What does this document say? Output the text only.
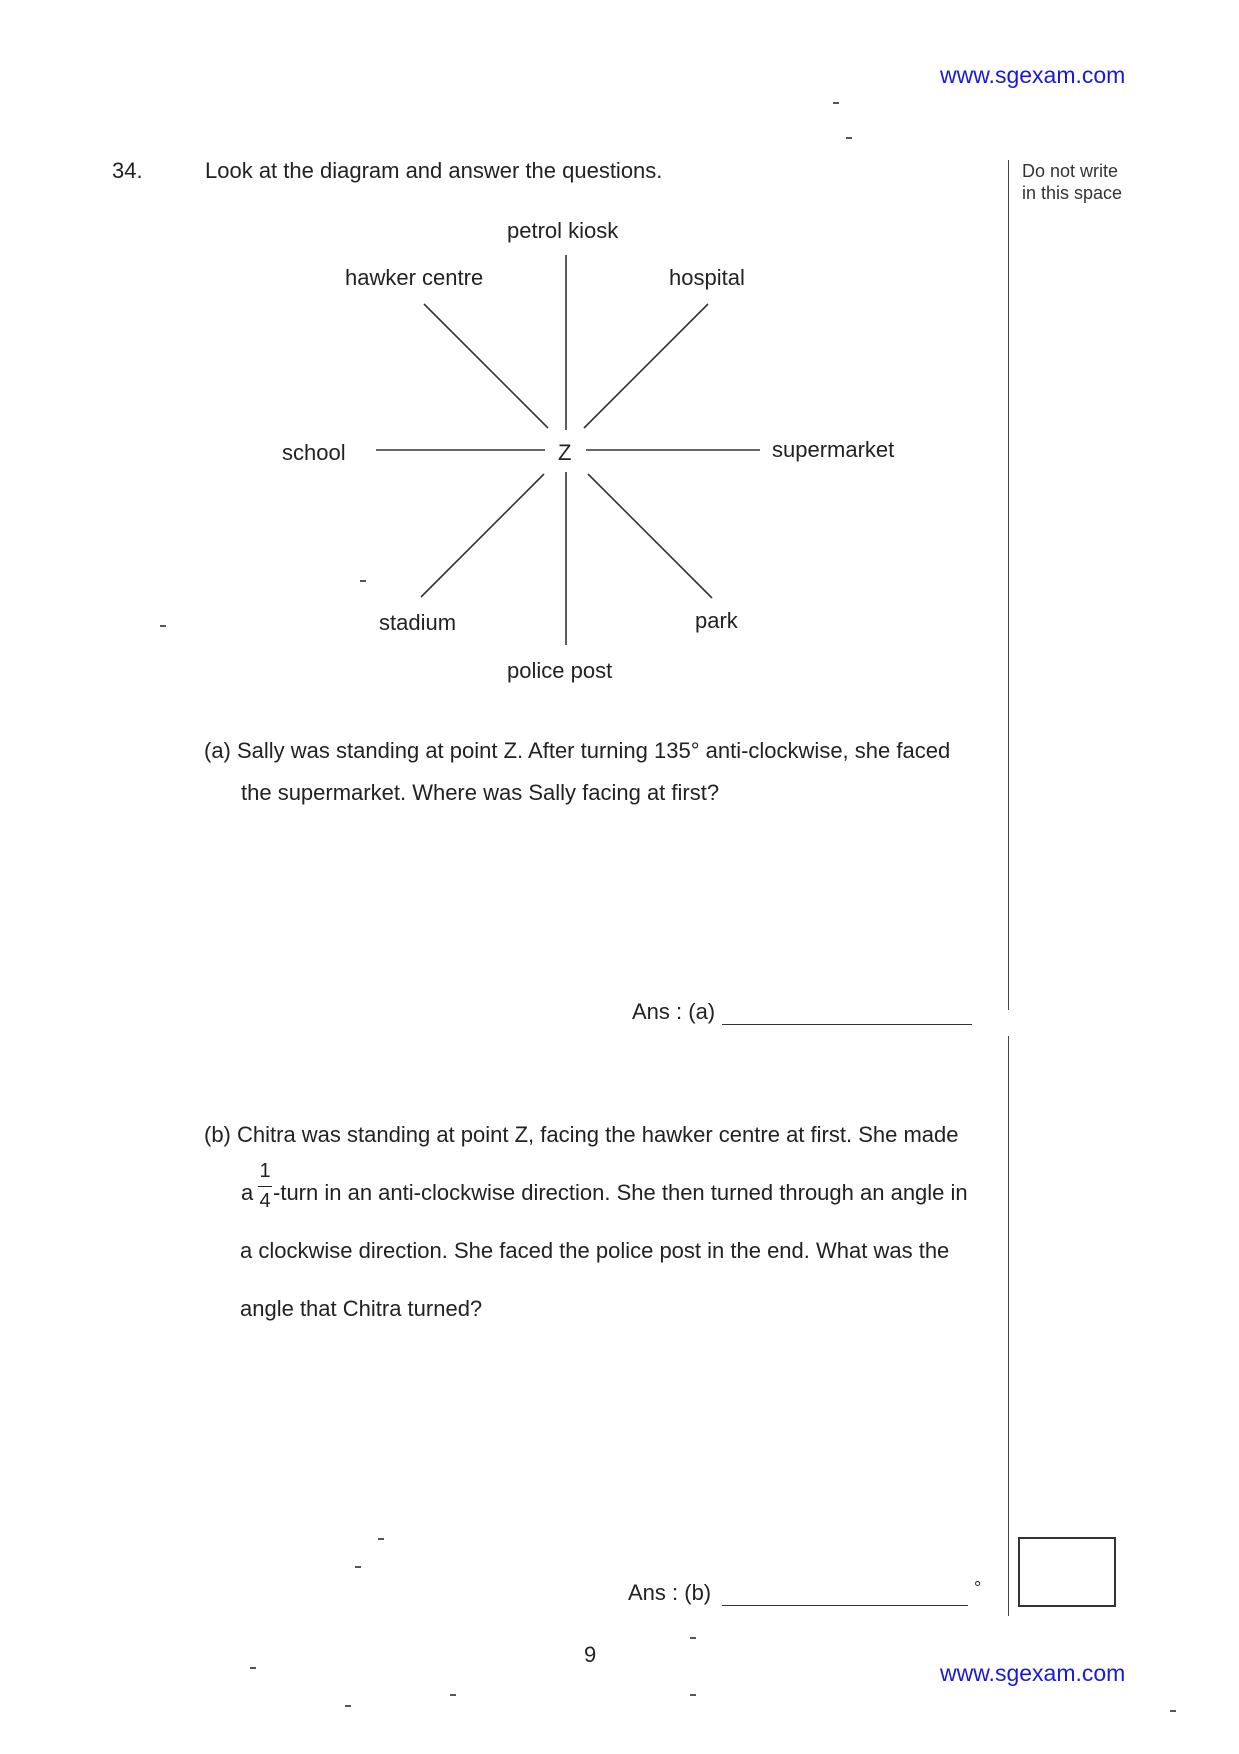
www.sgexam.com
34.	Look at the diagram and answer the questions.	Do not write
in this space
Z
petrol kiosk
hospital
supermarket
park
police post
stadium
school
hawker centre
(a) Sally was standing at point Z. After turning 135° anti-clockwise, she faced
the supermarket. Where was Sally facing at first?
Ans : (a)
(b) Chitra was standing at point Z, facing the hawker centre at first. She made
a
1
4 -turn in an anti-clockwise direction. She then turned through an angle in
a clockwise direction. She faced the police post in the end. What was the
angle that Chitra turned?
Ans : (b)	°
9
www.sgexam.com
